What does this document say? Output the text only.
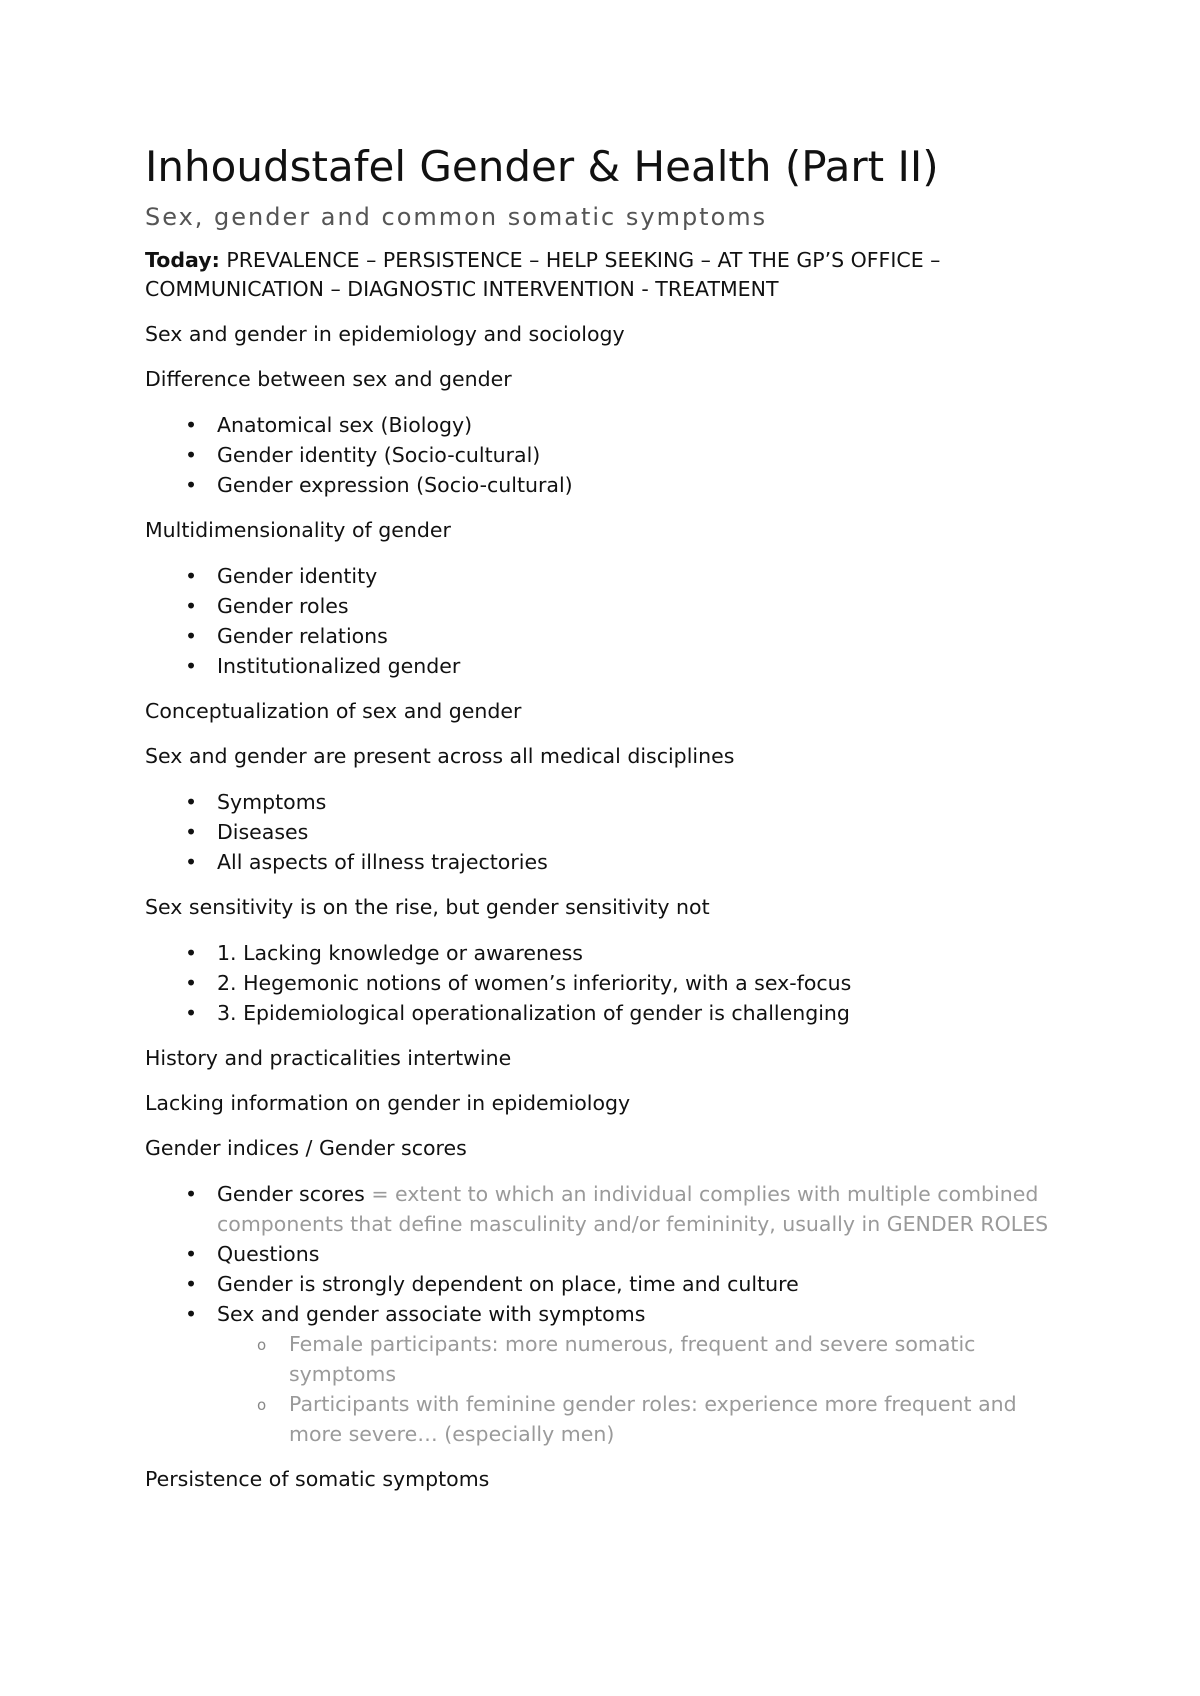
Inhoudstafel Gender & Health (Part II)
Sex, gender and common somatic symptoms

Today: PREVALENCE – PERSISTENCE – HELP SEEKING – AT THE GP’S OFFICE – COMMUNICATION – DIAGNOSTIC INTERVENTION - TREATMENT

Sex and gender in epidemiology and sociology

Difference between sex and gender

• Anatomical sex (Biology)
• Gender identity (Socio-cultural)
• Gender expression (Socio-cultural)

Multidimensionality of gender

• Gender identity
• Gender roles
• Gender relations
• Institutionalized gender

Conceptualization of sex and gender

Sex and gender are present across all medical disciplines

• Symptoms
• Diseases
• All aspects of illness trajectories

Sex sensitivity is on the rise, but gender sensitivity not

• 1. Lacking knowledge or awareness
• 2. Hegemonic notions of women’s inferiority, with a sex-focus
• 3. Epidemiological operationalization of gender is challenging

History and practicalities intertwine

Lacking information on gender in epidemiology

Gender indices / Gender scores

• Gender scores = extent to which an individual complies with multiple combined components that define masculinity and/or femininity, usually in GENDER ROLES
• Questions
• Gender is strongly dependent on place, time and culture
• Sex and gender associate with symptoms
o Female participants: more numerous, frequent and severe somatic symptoms
o Participants with feminine gender roles: experience more frequent and more severe… (especially men)

Persistence of somatic symptoms
